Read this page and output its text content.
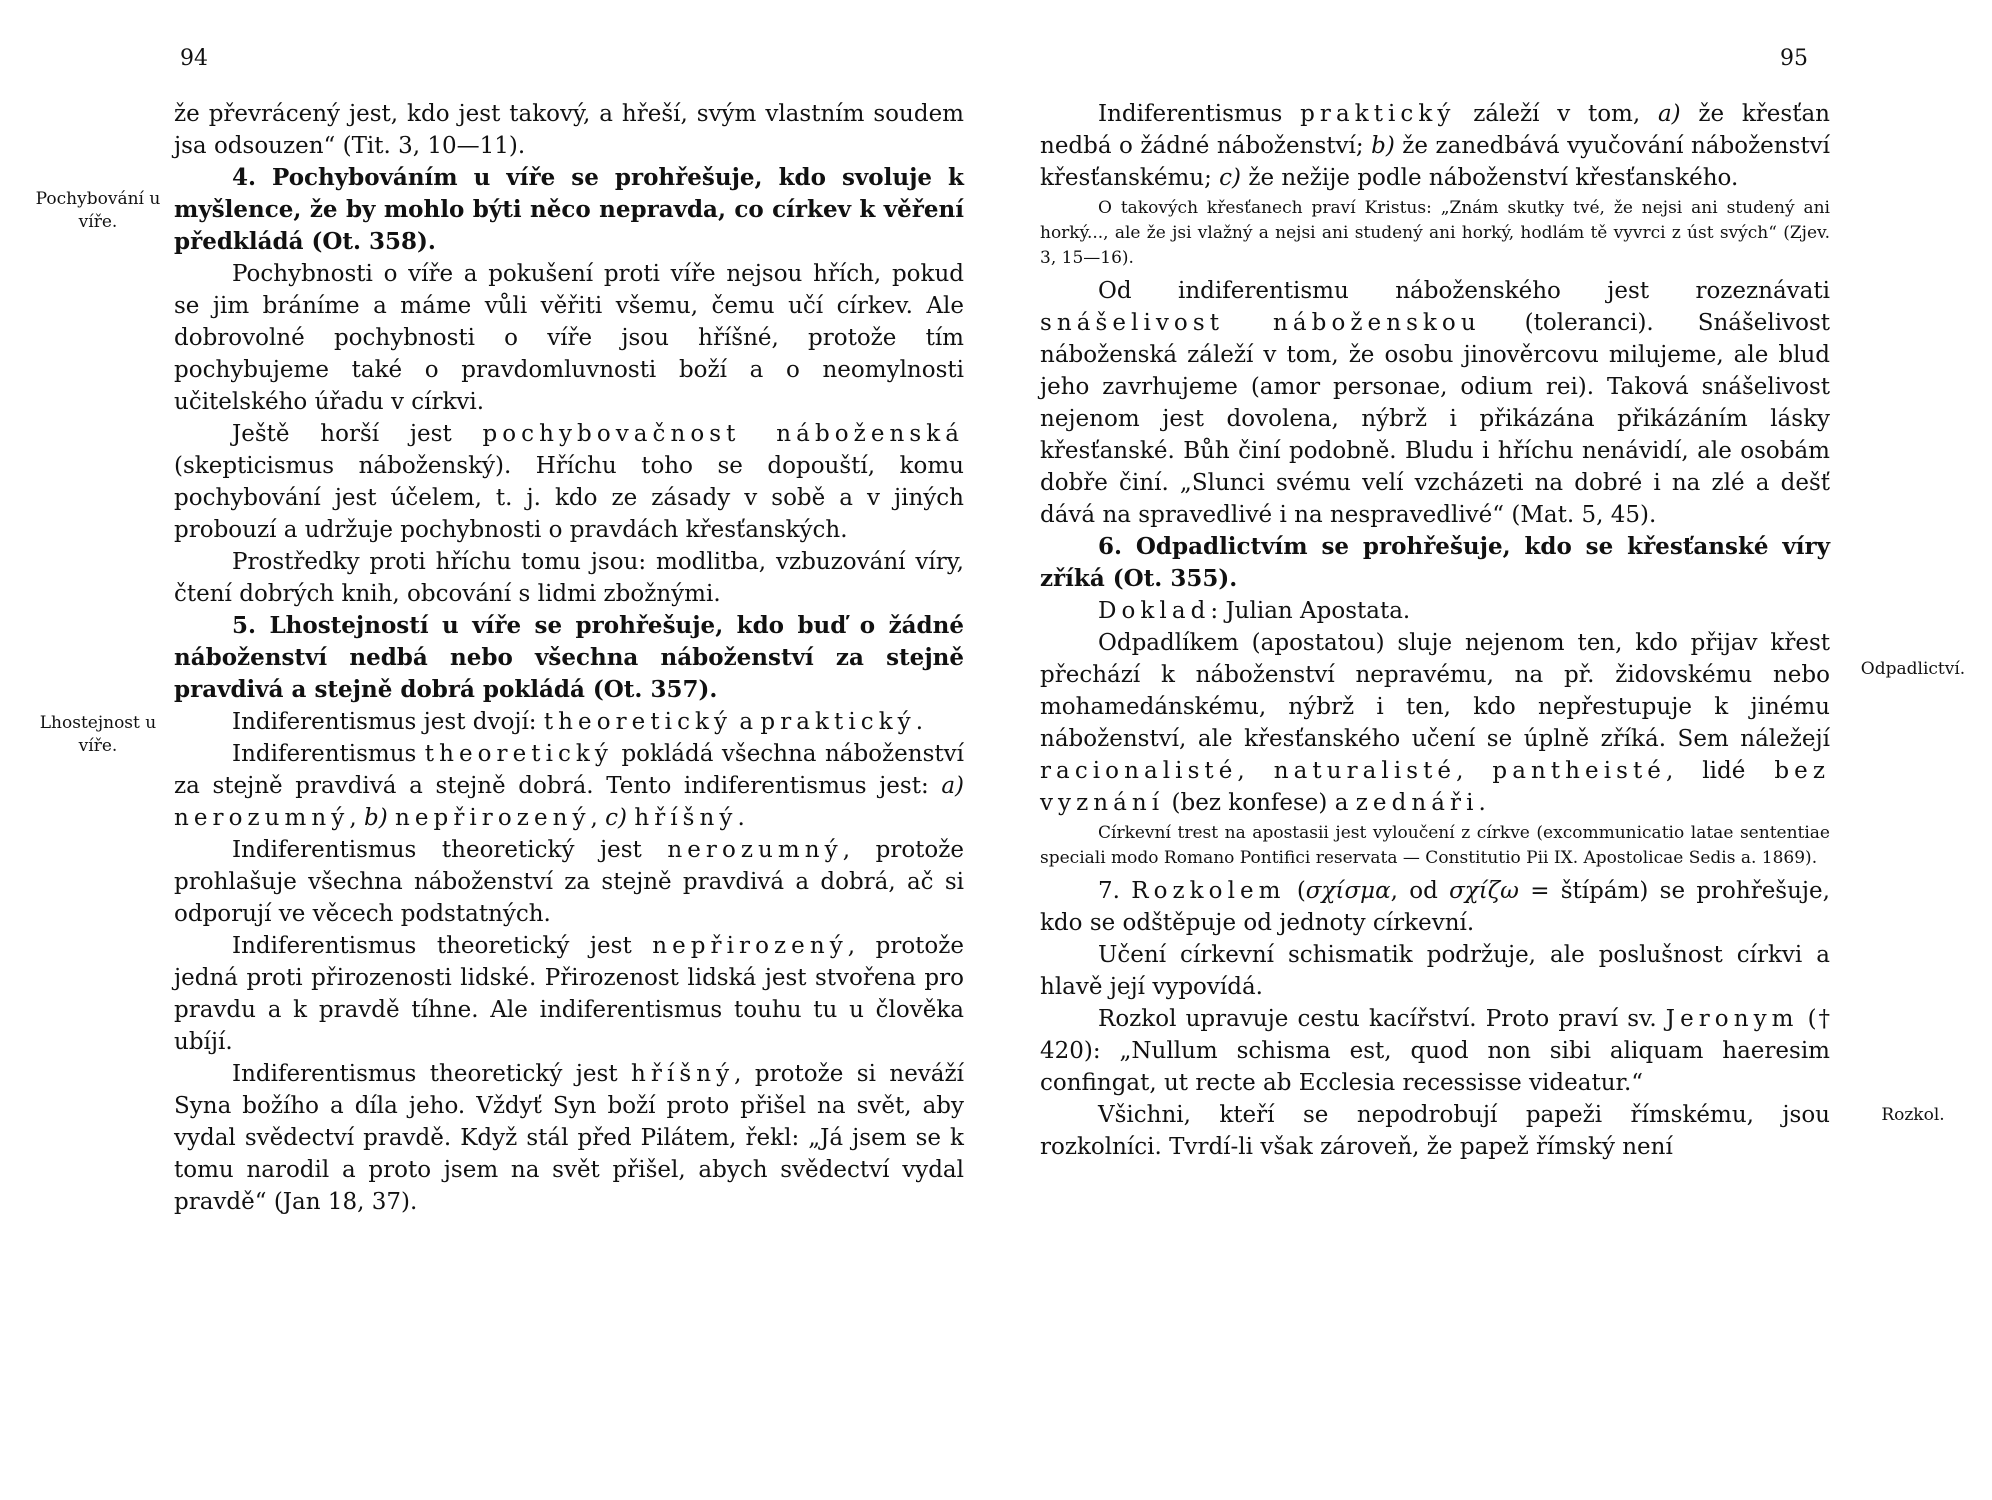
94
Pochybování u víře.
Lhostejnost u víře.

že převrácený jest, kdo jest takový, a hřeší, svým vlastním soudem jsa odsouzen“ (Tit. 3, 10—11).

4. Pochybováním u víře se prohřešuje, kdo svoluje k myšlence, že by mohlo býti něco nepravda, co církev k věření předkládá (Ot. 358).

Pochybnosti o víře a pokušení proti víře nejsou hřích, pokud se jim bráníme a máme vůli věřiti všemu, čemu učí církev. Ale dobrovolné pochybnosti o víře jsou hříšné, protože tím pochybujeme také o pravdomluvnosti boží a o neomylnosti učitelského úřadu v církvi.

Ještě horší jest pochybovačnost náboženská (skepticismus náboženský). Hříchu toho se dopouští, komu pochybování jest účelem, t. j. kdo ze zásady v sobě a v jiných probouzí a udržuje pochybnosti o pravdách křesťanských.

Prostředky proti hříchu tomu jsou: modlitba, vzbuzování víry, čtení dobrých knih, obcování s lidmi zbožnými.

5. Lhostejností u víře se prohřešuje, kdo buď o žádné náboženství nedbá nebo všechna náboženství za stejně pravdivá a stejně dobrá pokládá (Ot. 357).

Indiferentismus jest dvojí: theoretický a praktický.

Indiferentismus theoretický pokládá všechna náboženství za stejně pravdivá a stejně dobrá. Tento indiferentismus jest: a) nerozumný, b) nepřirozený, c) hříšný.

Indiferentismus theoretický jest nerozumný, protože prohlašuje všechna náboženství za stejně pravdivá a dobrá, ač si odporují ve věcech podstatných.

Indiferentismus theoretický jest nepřirozený, protože jedná proti přirozenosti lidské. Přirozenost lidská jest stvořena pro pravdu a k pravdě tíhne. Ale indiferentismus touhu tu u člověka ubíjí.

Indiferentismus theoretický jest hříšný, protože si neváží Syna božího a díla jeho. Vždyť Syn boží proto přišel na svět, aby vydal svědectví pravdě. Když stál před Pilátem, řekl: „Já jsem se k tomu narodil a proto jsem na svět přišel, abych svědectví vydal pravdě“ (Jan 18, 37).

95

Indiferentismus praktický záleží v tom, a) že křesťan nedbá o žádné náboženství; b) že zanedbává vyučování náboženství křesťanskému; c) že nežije podle náboženství křesťanského.

O takových křesťanech praví Kristus: „Znám skutky tvé, že nejsi ani studený ani horký..., ale že jsi vlažný a nejsi ani studený ani horký, hodlám tě vyvrci z úst svých“ (Zjev. 3, 15—16).

Od indiferentismu náboženského jest rozeznávati snášelivost náboženskou (toleranci). Snášelivost náboženská záleží v tom, že osobu jinověrcovu milujeme, ale blud jeho zavrhujeme (amor personae, odium rei). Taková snášelivost nejenom jest dovolena, nýbrž i přikázána přikázáním lásky křesťanské. Bůh činí podobně. Bludu i hříchu nenávidí, ale osobám dobře činí. „Slunci svému velí vzcházeti na dobré i na zlé a dešť dává na spravedlivé i na nespravedlivé“ (Mat. 5, 45).

6. Odpadlictvím se prohřešuje, kdo se křesťanské víry zříká (Ot. 355).

Doklad: Julian Apostata.

Odpadlíkem (apostatou) sluje nejenom ten, kdo přijav křest přechází k náboženství nepravému, na př. židovskému nebo mohamedánskému, nýbrž i ten, kdo nepřestupuje k jinému náboženství, ale křesťanského učení se úplně zříká. Sem náležejí racionalisté, naturalisté, pantheisté, lidé bez vyznání (bez konfese) a zednáři.

Církevní trest na apostasii jest vyloučení z církve (excommunicatio latae sententiae speciali modo Romano Pontifici reservata — Constitutio Pii IX. Apostolicae Sedis a. 1869).

7. Rozkolem (σχίσμα, od σχίζω = štípám) se prohřešuje, kdo se odštěpuje od jednoty církevní.

Učení církevní schismatik podržuje, ale poslušnost církvi a hlavě její vypovídá.

Rozkol upravuje cestu kacířství. Proto praví sv. Jeronym († 420): „Nullum schisma est, quod non sibi aliquam haeresim confingat, ut recte ab Ecclesia recessisse videatur.“

Všichni, kteří se nepodrobují papeži římskému, jsou rozkolníci. Tvrdí-li však zároveň, že papež římský není

Odpadlictví.
Rozkol.
